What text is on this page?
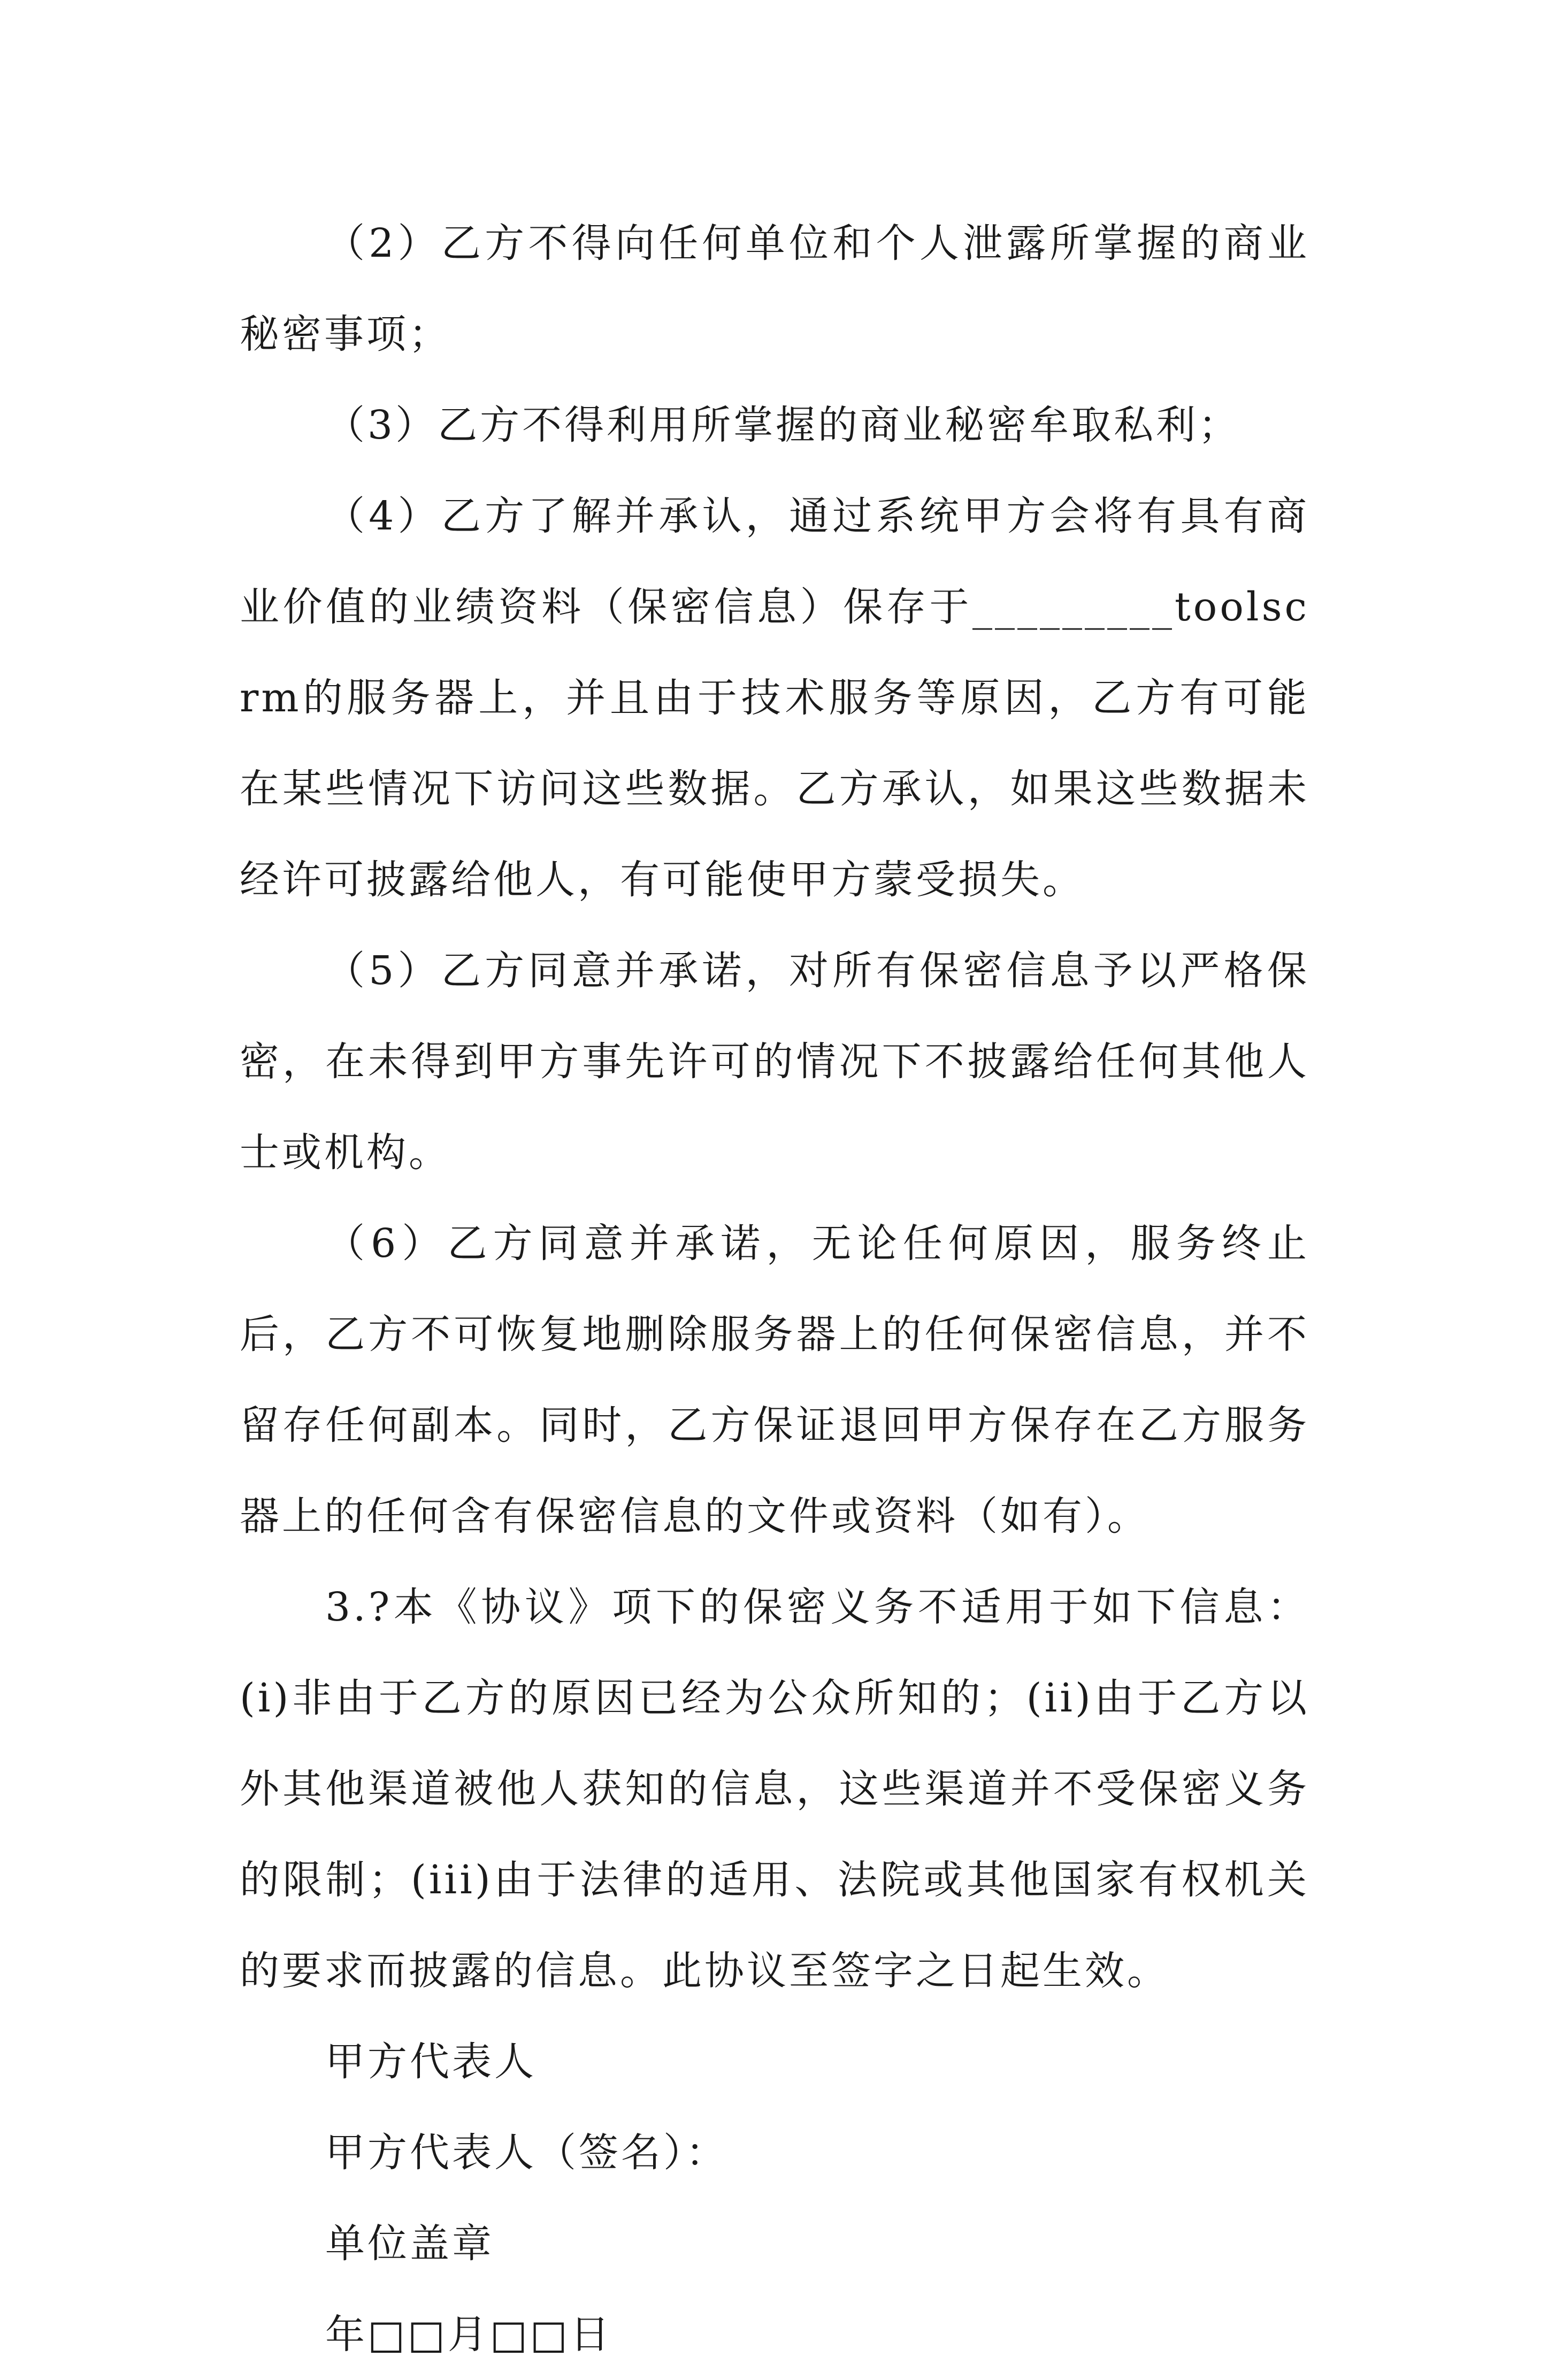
（2）乙方不得向任何单位和个人泄露所掌握的商业秘密事项；

（3）乙方不得利用所掌握的商业秘密牟取私利；

（4）乙方了解并承认，通过系统甲方会将有具有商业价值的业绩资料（保密信息）保存于_________toolscrm的服务器上，并且由于技术服务等原因，乙方有可能在某些情况下访问这些数据。乙方承认，如果这些数据未经许可披露给他人，有可能使甲方蒙受损失。

（5）乙方同意并承诺，对所有保密信息予以严格保密，在未得到甲方事先许可的情况下不披露给任何其他人士或机构。

（6）乙方同意并承诺，无论任何原因，服务终止后，乙方不可恢复地删除服务器上的任何保密信息，并不留存任何副本。同时，乙方保证退回甲方保存在乙方服务器上的任何含有保密信息的文件或资料（如有）。

3.?本《协议》项下的保密义务不适用于如下信息：(i)非由于乙方的原因已经为公众所知的；(ii)由于乙方以外其他渠道被他人获知的信息，这些渠道并不受保密义务的限制；(iii)由于法律的适用、法院或其他国家有权机关的要求而披露的信息。此协议至签字之日起生效。

甲方代表人

甲方代表人（签名）：

单位盖章

年□□月□□日
